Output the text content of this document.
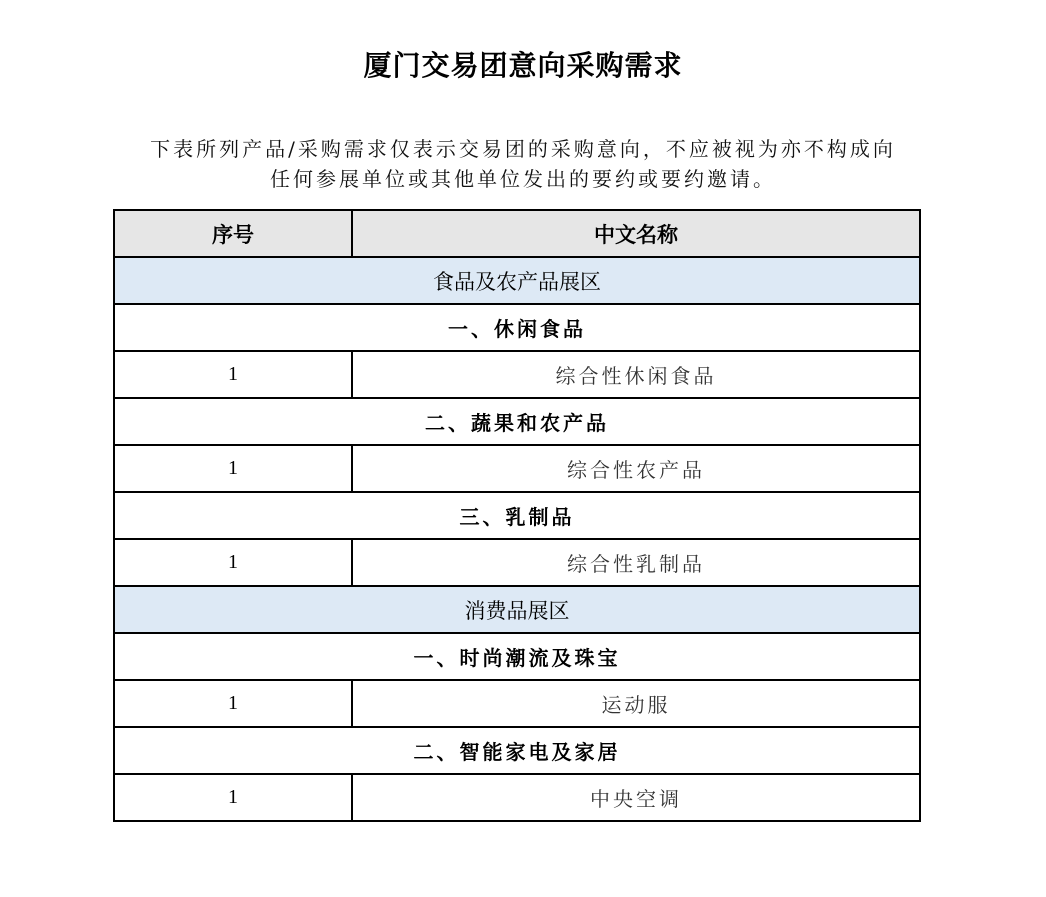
厦门交易团意向采购需求
下表所列产品/采购需求仅表示交易团的采购意向，不应被视为亦不构成向
任何参展单位或其他单位发出的要约或要约邀请。
序号	中文名称
食品及农产品展区	
一、休闲食品	
1	综合性休闲食品
二、蔬果和农产品	
1	综合性农产品
三、乳制品	
1	综合性乳制品
消费品展区	
一、时尚潮流及珠宝	
1	运动服
二、智能家电及家居	
1	中央空调
